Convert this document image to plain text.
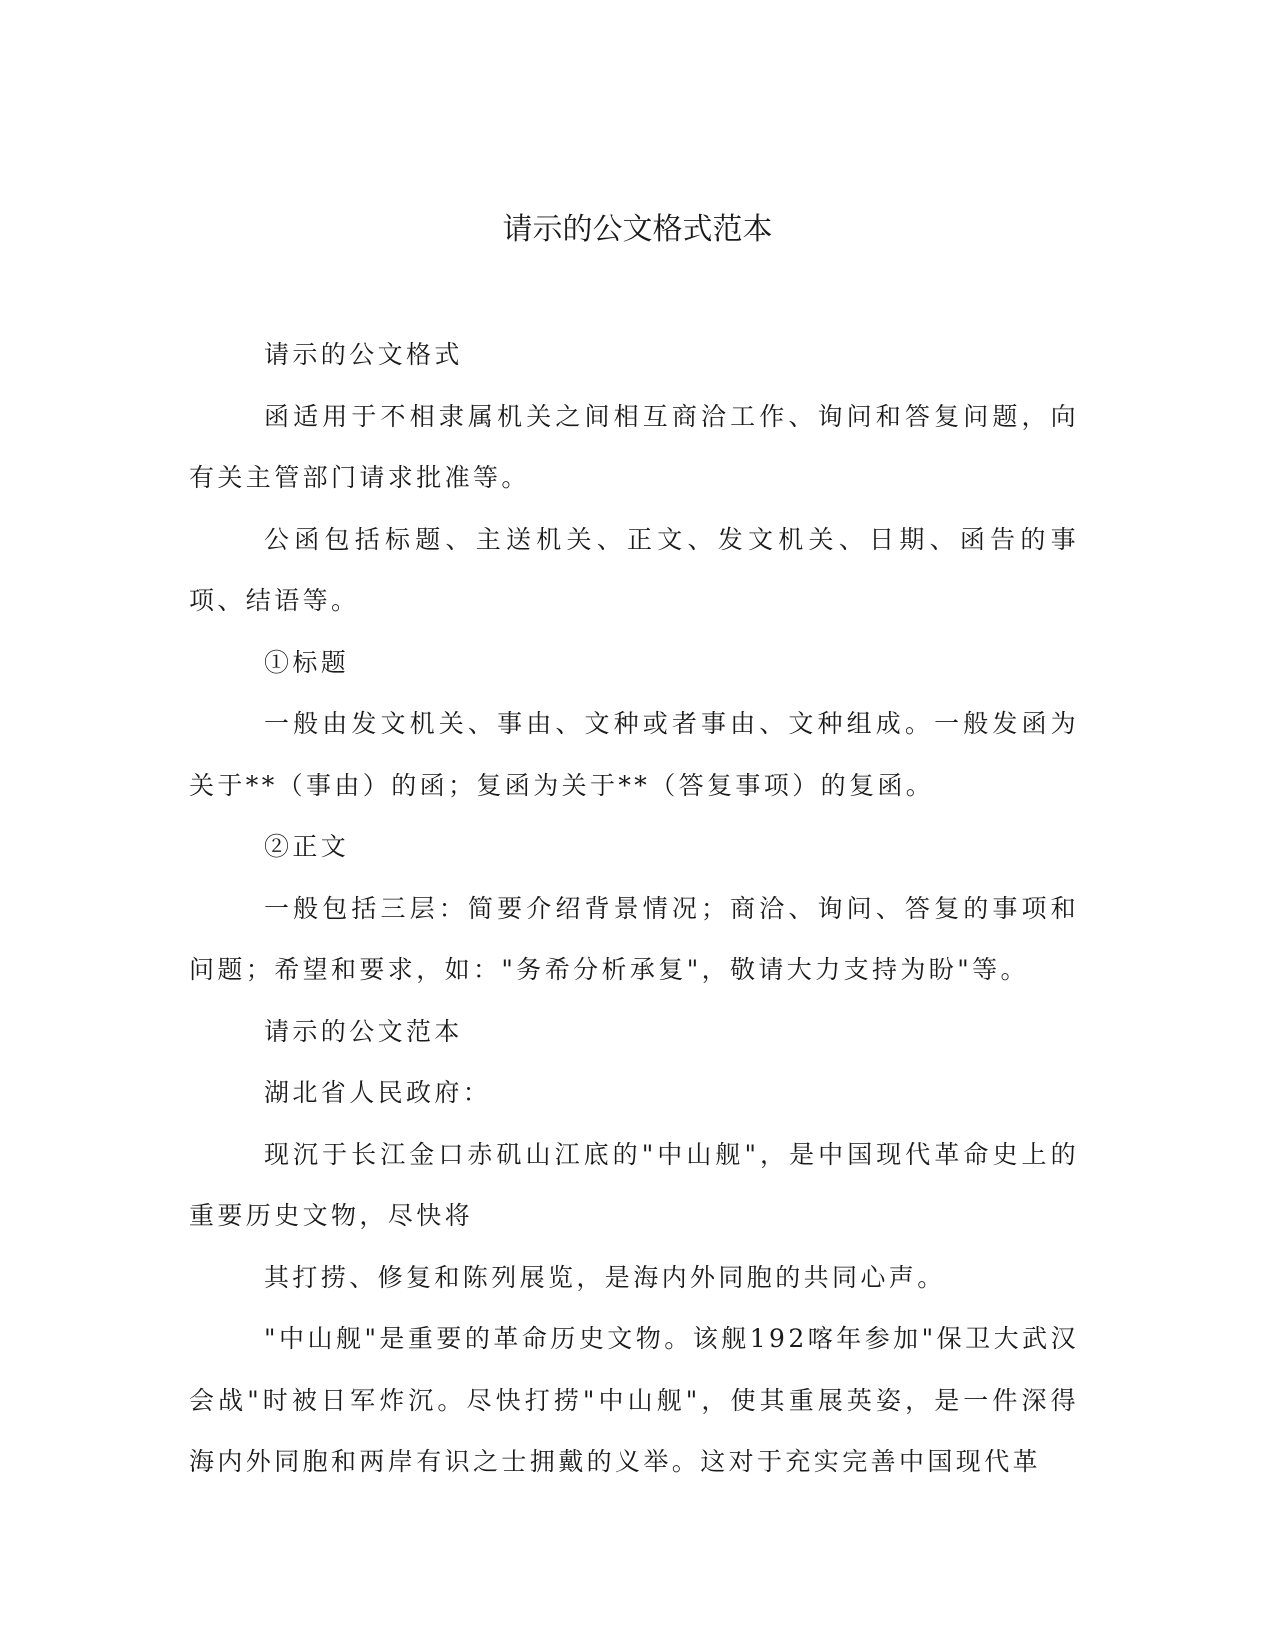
请示的公文格式范本

请示的公文格式

函适用于不相隶属机关之间相互商洽工作、询问和答复问题，向有关主管部门请求批准等。

公函包括标题、主送机关、正文、发文机关、日期、函告的事项、结语等。

①标题

一般由发文机关、事由、文种或者事由、文种组成。一般发函为关于**（事由）的函；复函为关于**（答复事项）的复函。

②正文

一般包括三层：简要介绍背景情况；商洽、询问、答复的事项和问题；希望和要求，如："务希分析承复"，敬请大力支持为盼"等。

请示的公文范本

湖北省人民政府：

现沉于长江金口赤矶山江底的"中山舰"，是中国现代革命史上的重要历史文物，尽快将

其打捞、修复和陈列展览，是海内外同胞的共同心声。

"中山舰"是重要的革命历史文物。该舰192喀年参加"保卫大武汉会战"时被日军炸沉。尽快打捞"中山舰"，使其重展英姿，是一件深得海内外同胞和两岸有识之士拥戴的义举。这对于充实完善中国现代革
